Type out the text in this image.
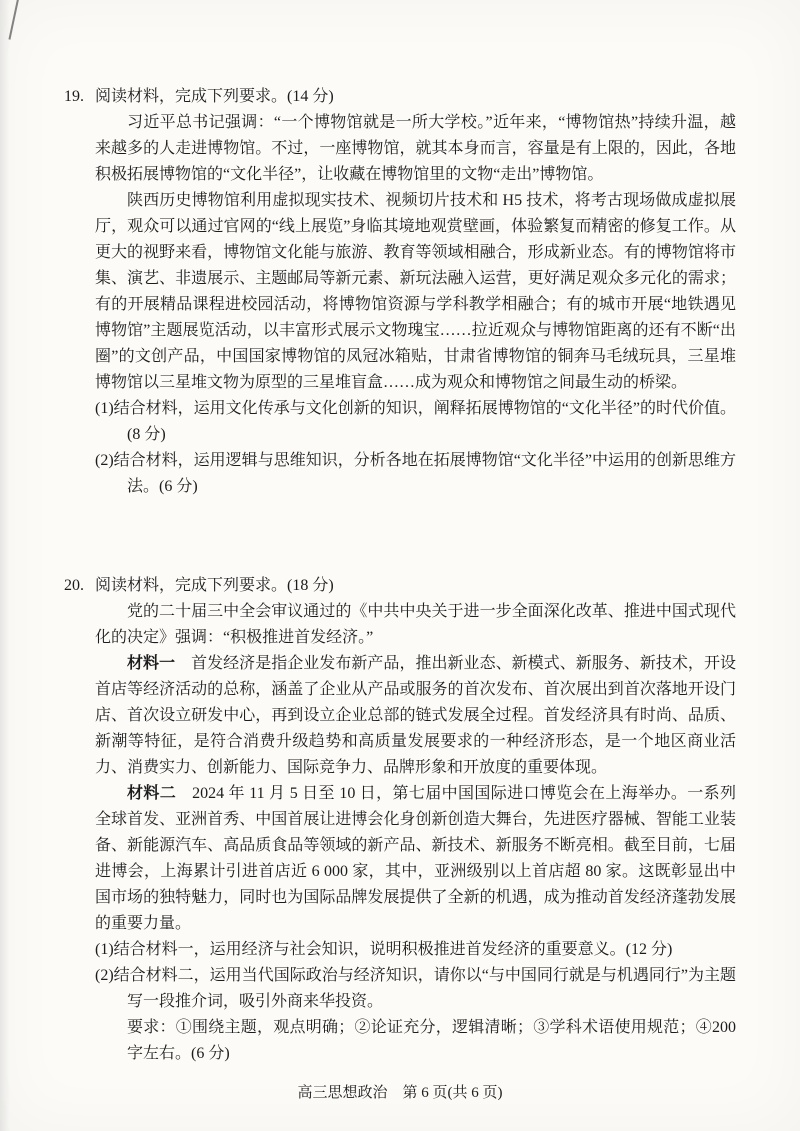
19. 阅读材料，完成下列要求。(14 分)

习近平总书记强调：“一个博物馆就是一所大学校。”近年来，“博物馆热”持续升温，越来越多的人走进博物馆。不过，一座博物馆，就其本身而言，容量是有上限的，因此，各地积极拓展博物馆的“文化半径”，让收藏在博物馆里的文物“走出”博物馆。

陕西历史博物馆利用虚拟现实技术、视频切片技术和 H5 技术，将考古现场做成虚拟展厅，观众可以通过官网的“线上展览”身临其境地观赏壁画，体验繁复而精密的修复工作。从更大的视野来看，博物馆文化能与旅游、教育等领域相融合，形成新业态。有的博物馆将市集、演艺、非遗展示、主题邮局等新元素、新玩法融入运营，更好满足观众多元化的需求；有的开展精品课程进校园活动，将博物馆资源与学科教学相融合；有的城市开展“地铁遇见博物馆”主题展览活动，以丰富形式展示文物瑰宝……拉近观众与博物馆距离的还有不断“出圈”的文创产品，中国国家博物馆的凤冠冰箱贴，甘肃省博物馆的铜奔马毛绒玩具，三星堆博物馆以三星堆文物为原型的三星堆盲盒……成为观众和博物馆之间最生动的桥梁。

(1)结合材料，运用文化传承与文化创新的知识，阐释拓展博物馆的“文化半径”的时代价值。(8 分)

(2)结合材料，运用逻辑与思维知识，分析各地在拓展博物馆“文化半径”中运用的创新思维方法。(6 分)

20. 阅读材料，完成下列要求。(18 分)

党的二十届三中全会审议通过的《中共中央关于进一步全面深化改革、推进中国式现代化的决定》强调：“积极推进首发经济。”

材料一 首发经济是指企业发布新产品，推出新业态、新模式、新服务、新技术，开设首店等经济活动的总称，涵盖了企业从产品或服务的首次发布、首次展出到首次落地开设门店、首次设立研发中心，再到设立企业总部的链式发展全过程。首发经济具有时尚、品质、新潮等特征，是符合消费升级趋势和高质量发展要求的一种经济形态，是一个地区商业活力、消费实力、创新能力、国际竞争力、品牌形象和开放度的重要体现。

材料二 2024 年 11 月 5 日至 10 日，第七届中国国际进口博览会在上海举办。一系列全球首发、亚洲首秀、中国首展让进博会化身创新创造大舞台，先进医疗器械、智能工业装备、新能源汽车、高品质食品等领域的新产品、新技术、新服务不断亮相。截至目前，七届进博会，上海累计引进首店近 6 000 家，其中，亚洲级别以上首店超 80 家。这既彰显出中国市场的独特魅力，同时也为国际品牌发展提供了全新的机遇，成为推动首发经济蓬勃发展的重要力量。

(1)结合材料一，运用经济与社会知识，说明积极推进首发经济的重要意义。(12 分)

(2)结合材料二，运用当代国际政治与经济知识，请你以“与中国同行就是与机遇同行”为主题写一段推介词，吸引外商来华投资。

要求：①围绕主题，观点明确；②论证充分，逻辑清晰；③学科术语使用规范；④200 字左右。(6 分)

高三思想政治　第 6 页(共 6 页)
